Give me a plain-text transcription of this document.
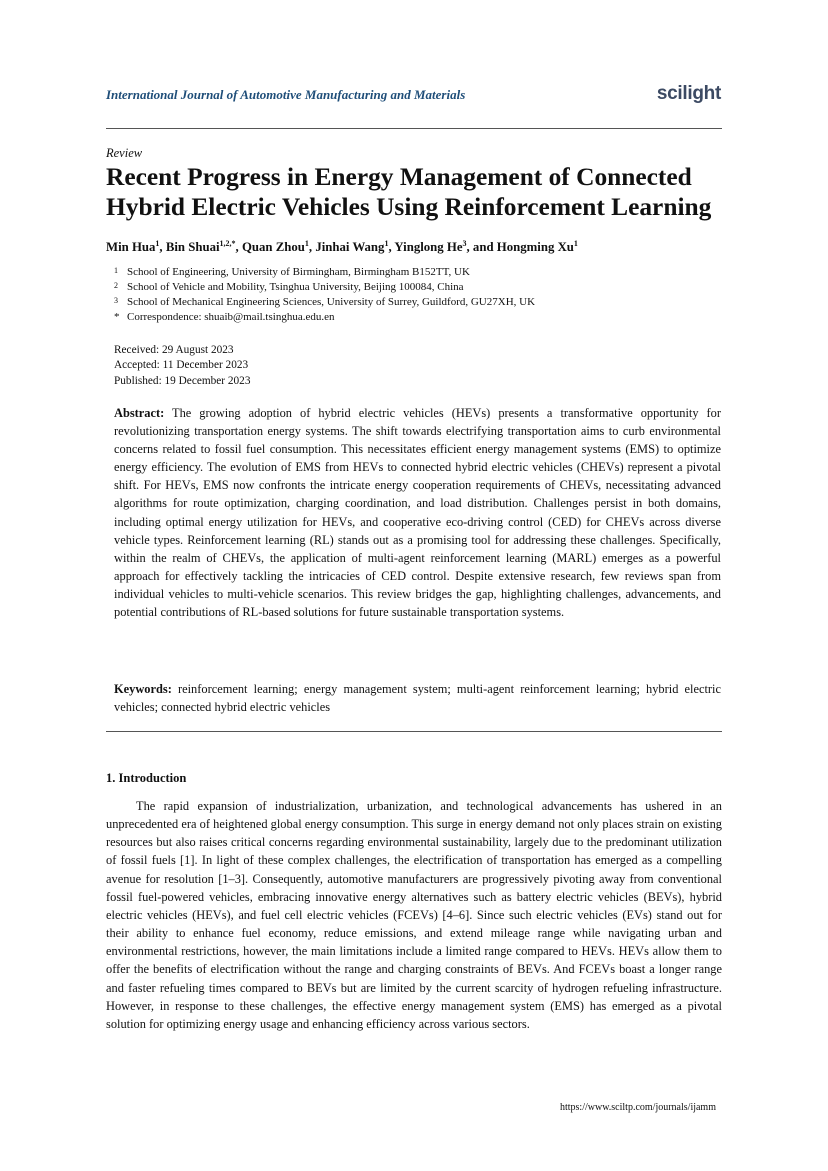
International Journal of Automotive Manufacturing and Materials	scilight
Review
Recent Progress in Energy Management of Connected Hybrid Electric Vehicles Using Reinforcement Learning
Min Hua$^1$, Bin Shuai$^{1,2,*}$, Quan Zhou$^1$, Jinhai Wang$^1$, Yinglong He$^3$, and Hongming Xu$^1$
1 School of Engineering, University of Birmingham, Birmingham B152TT, UK
2 School of Vehicle and Mobility, Tsinghua University, Beijing 100084, China
3 School of Mechanical Engineering Sciences, University of Surrey, Guildford, GU27XH, UK
* Correspondence: shuaib@mail.tsinghua.edu.en
Received: 29 August 2023
Accepted: 11 December 2023
Published: 19 December 2023
Abstract: The growing adoption of hybrid electric vehicles (HEVs) presents a transformative opportunity for revolutionizing transportation energy systems. The shift towards electrifying transportation aims to curb environmental concerns related to fossil fuel consumption. This necessitates efficient energy management systems (EMS) to optimize energy efficiency. The evolution of EMS from HEVs to connected hybrid electric vehicles (CHEVs) represent a pivotal shift. For HEVs, EMS now confronts the intricate energy cooperation requirements of CHEVs, necessitating advanced algorithms for route optimization, charging coordination, and load distribution. Challenges persist in both domains, including optimal energy utilization for HEVs, and cooperative eco-driving control (CED) for CHEVs across diverse vehicle types. Reinforcement learning (RL) stands out as a promising tool for addressing these challenges. Specifically, within the realm of CHEVs, the application of multi-agent reinforcement learning (MARL) emerges as a powerful approach for effectively tackling the intricacies of CED control. Despite extensive research, few reviews span from individual vehicles to multi-vehicle scenarios. This review bridges the gap, highlighting challenges, advancements, and potential contributions of RL-based solutions for future sustainable transportation systems.
Keywords: reinforcement learning; energy management system; multi-agent reinforcement learning; hybrid electric vehicles; connected hybrid electric vehicles
1. Introduction
The rapid expansion of industrialization, urbanization, and technological advancements has ushered in an unprecedented era of heightened global energy consumption. This surge in energy demand not only places strain on existing resources but also raises critical concerns regarding environmental sustainability, largely due to the predominant utilization of fossil fuels [1]. In light of these complex challenges, the electrification of transportation has emerged as a compelling avenue for resolution [1–3]. Consequently, automotive manufacturers are progressively pivoting away from conventional fossil fuel-powered vehicles, embracing innovative energy alternatives such as battery electric vehicles (BEVs), hybrid electric vehicles (HEVs), and fuel cell electric vehicles (FCEVs) [4–6]. Since such electric vehicles (EVs) stand out for their ability to enhance fuel economy, reduce emissions, and extend mileage range while navigating urban and environmental restrictions, however, the main limitations include a limited range compared to HEVs. HEVs allow them to offer the benefits of electrification without the range and charging constraints of BEVs. And FCEVs boast a longer range and faster refueling times compared to BEVs but are limited by the current scarcity of hydrogen refueling infrastructure. However, in response to these challenges, the effective energy management system (EMS) has emerged as a pivotal solution for optimizing energy usage and enhancing efficiency across various sectors.
https://www.sciltp.com/journals/ijamm
